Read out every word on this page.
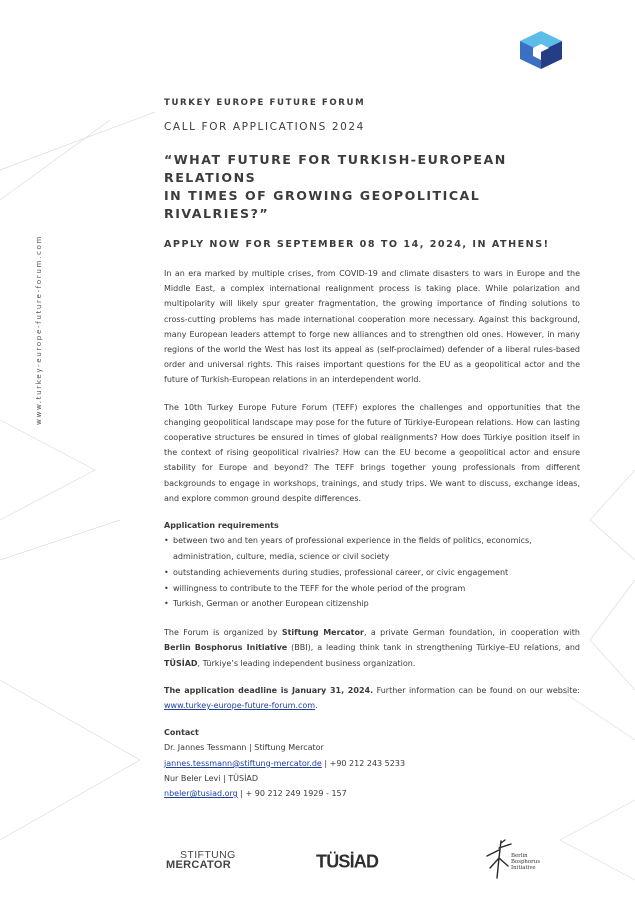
www.turkey-europe-future-forum.com
TURKEY EUROPE FUTURE FORUM
CALL FOR APPLICATIONS 2024
“WHAT FUTURE FOR TURKISH-EUROPEAN RELATIONS
IN TIMES OF GROWING GEOPOLITICAL RIVALRIES?”
APPLY NOW FOR SEPTEMBER 08 TO 14, 2024, IN ATHENS!

In an era marked by multiple crises, from COVID-19 and climate disasters to wars in Europe and the Middle East, a complex international realignment process is taking place. While polarization and multipolarity will likely spur greater fragmentation, the growing importance of finding solutions to cross-cutting problems has made international cooperation more necessary. Against this background, many European leaders attempt to forge new alliances and to strengthen old ones. However, in many regions of the world the West has lost its appeal as (self-proclaimed) defender of a liberal rules-based order and universal rights. This raises important questions for the EU as a geopolitical actor and the future of Turkish-European relations in an interdependent world.

The 10th Turkey Europe Future Forum (TEFF) explores the challenges and opportunities that the changing geopolitical landscape may pose for the future of Türkiye-European relations. How can lasting cooperative structures be ensured in times of global realignments? How does Türkiye position itself in the context of rising geopolitical rivalries? How can the EU become a geopolitical actor and ensure stability for Europe and beyond? The TEFF brings together young professionals from different backgrounds to engage in workshops, trainings, and study trips. We want to discuss, exchange ideas, and explore common ground despite differences.

Application requirements
• between two and ten years of professional experience in the fields of politics, economics, administration, culture, media, science or civil society
• outstanding achievements during studies, professional career, or civic engagement
• willingness to contribute to the TEFF for the whole period of the program
• Turkish, German or another European citizenship

The Forum is organized by Stiftung Mercator, a private German foundation, in cooperation with Berlin Bosphorus Initiative (BBI), a leading think tank in strengthening Türkiye–EU relations, and TÜSİAD, Türkiye’s leading independent business organization.

The application deadline is January 31, 2024. Further information can be found on our website: www.turkey-europe-future-forum.com.

Contact
Dr. Jannes Tessmann | Stiftung Mercator
jannes.tessmann@stiftung-mercator.de | +90 212 243 5233
Nur Beler Levi | TÜSİAD
nbeler@tusiad.org | + 90 212 249 1929 - 157
STIFTUNG
MERCATOR	TÜSİAD	Berlin
Bosphorus
Initiative
